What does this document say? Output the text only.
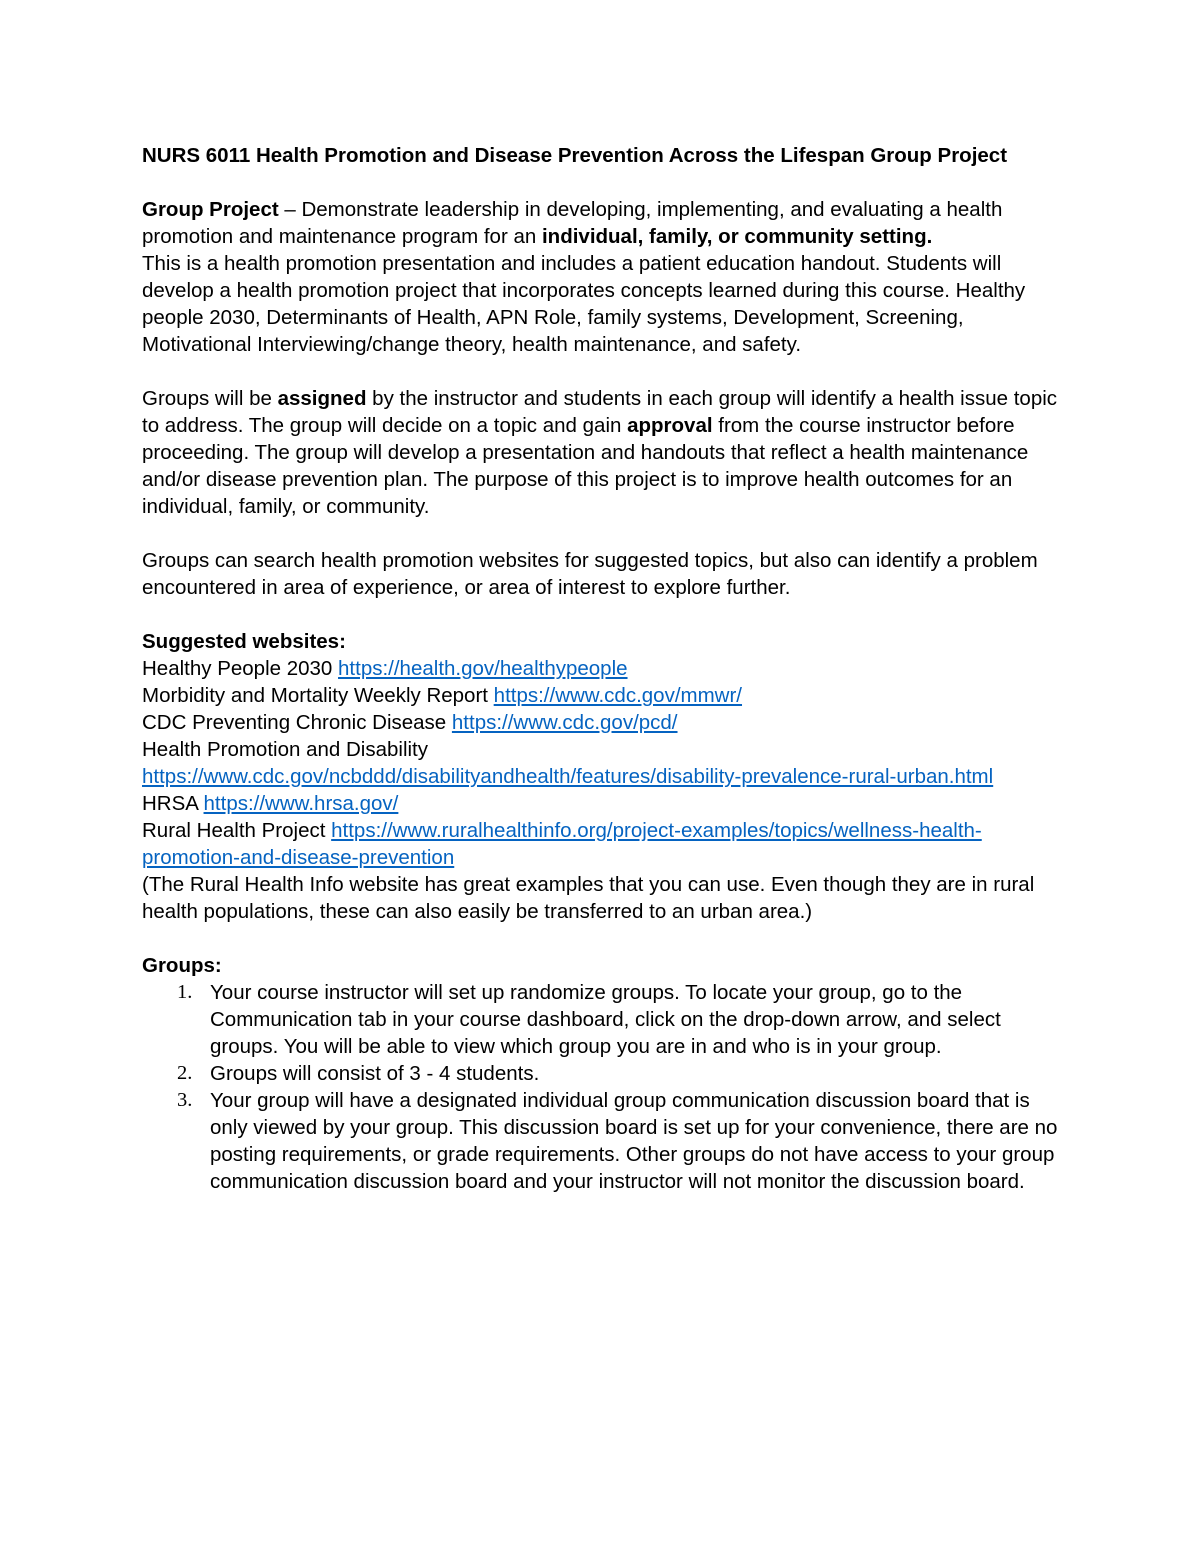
NURS 6011 Health Promotion and Disease Prevention Across the Lifespan Group Project

Group Project – Demonstrate leadership in developing, implementing, and evaluating a health promotion and maintenance program for an individual, family, or community setting.

This is a health promotion presentation and includes a patient education handout. Students will develop a health promotion project that incorporates concepts learned during this course. Healthy people 2030, Determinants of Health, APN Role, family systems, Development, Screening, Motivational Interviewing/change theory, health maintenance, and safety.

Groups will be assigned by the instructor and students in each group will identify a health issue topic to address. The group will decide on a topic and gain approval from the course instructor before proceeding. The group will develop a presentation and handouts that reflect a health maintenance and/or disease prevention plan. The purpose of this project is to improve health outcomes for an individual, family, or community.

Groups can search health promotion websites for suggested topics, but also can identify a problem encountered in area of experience, or area of interest to explore further.

Suggested websites:

Healthy People 2030 https://health.gov/healthypeople

Morbidity and Mortality Weekly Report https://www.cdc.gov/mmwr/

CDC Preventing Chronic Disease https://www.cdc.gov/pcd/

Health Promotion and Disability
https://www.cdc.gov/ncbddd/disabilityandhealth/features/disability-prevalence-rural-urban.html

HRSA https://www.hrsa.gov/

Rural Health Project https://www.ruralhealthinfo.org/project-examples/topics/wellness-health-promotion-and-disease-prevention

(The Rural Health Info website has great examples that you can use. Even though they are in rural health populations, these can also easily be transferred to an urban area.)

Groups:

1. Your course instructor will set up randomize groups. To locate your group, go to the Communication tab in your course dashboard, click on the drop-down arrow, and select groups. You will be able to view which group you are in and who is in your group.
2. Groups will consist of 3 - 4 students.
3. Your group will have a designated individual group communication discussion board that is only viewed by your group. This discussion board is set up for your convenience, there are no posting requirements, or grade requirements. Other groups do not have access to your group communication discussion board and your instructor will not monitor the discussion board.
